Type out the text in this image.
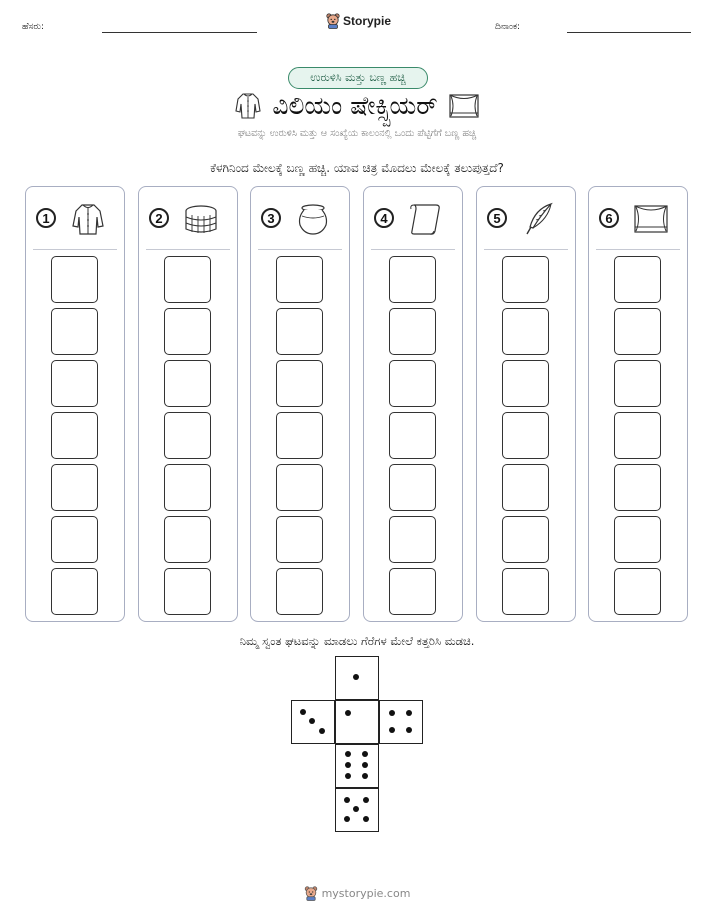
ಹೆಸರು:	Storypie	ದಿನಾಂಕ:
ಉರುಳಿಸಿ ಮತ್ತು ಬಣ್ಣ ಹಚ್ಚಿ
ವಿಲಿಯಂ ಷೇಕ್ಸ್ಪಿಯರ್
ಘಟವನ್ನು ಉರುಳಿಸಿ ಮತ್ತು ಆ ಸಂಖ್ಯೆಯ ಕಾಲಂನಲ್ಲಿ ಒಂದು ಪೆಟ್ಟಿಗೆಗೆ ಬಣ್ಣ ಹಚ್ಚಿ
ಕೆಳಗಿನಿಂದ ಮೇಲಕ್ಕೆ ಬಣ್ಣ ಹಚ್ಚಿ. ಯಾವ ಚಿತ್ರ ಮೊದಲು ಮೇಲಕ್ಕೆ ತಲುಪುತ್ತದೆ?
1	2	3	4	5	6
ನಿಮ್ಮ ಸ್ವಂತ ಘಟವನ್ನು ಮಾಡಲು ಗೆರೆಗಳ ಮೇಲೆ ಕತ್ತರಿಸಿ ಮಡಚಿ.
mystorypie.com
